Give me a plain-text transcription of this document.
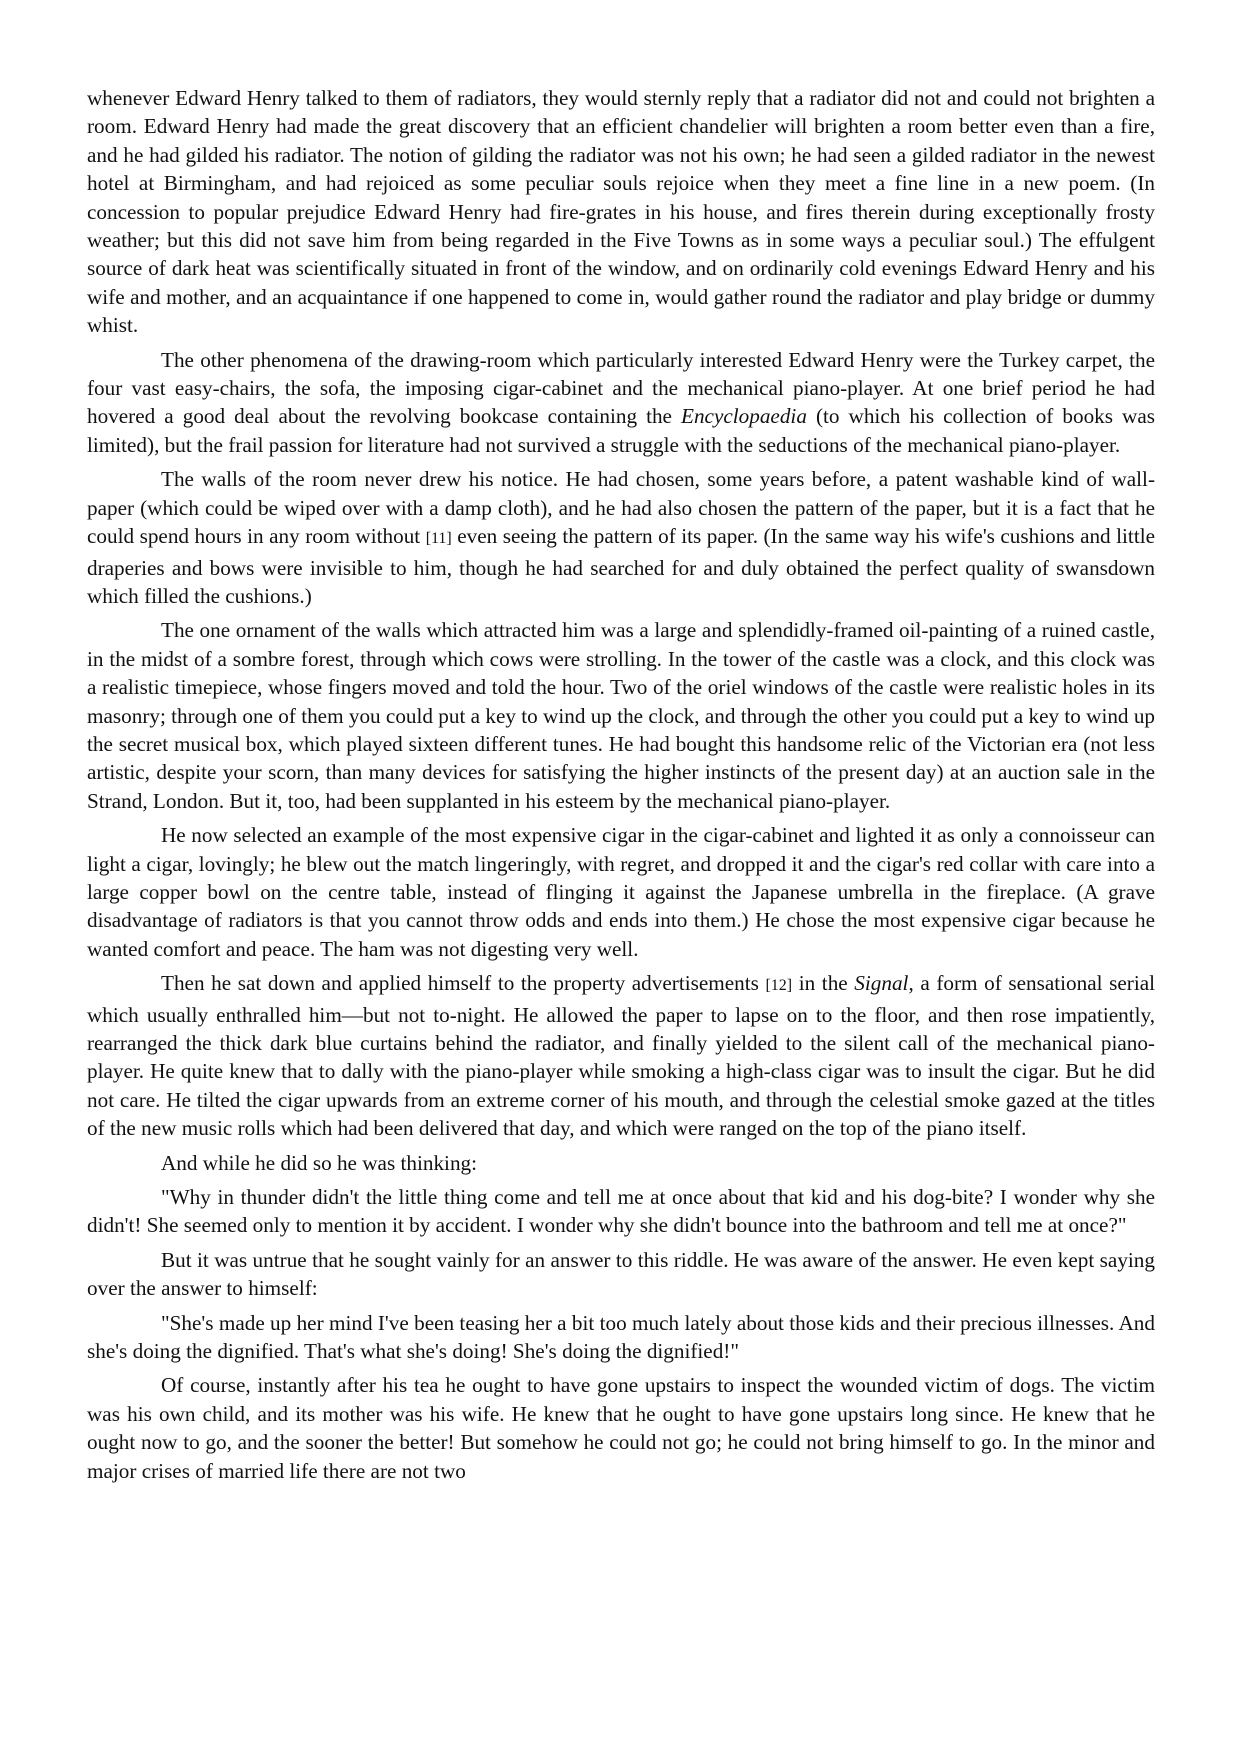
whenever Edward Henry talked to them of radiators, they would sternly reply that a radiator did not and could not brighten a room. Edward Henry had made the great discovery that an efficient chandelier will brighten a room better even than a fire, and he had gilded his radiator. The notion of gilding the radiator was not his own; he had seen a gilded radiator in the newest hotel at Birmingham, and had rejoiced as some peculiar souls rejoice when they meet a fine line in a new poem. (In concession to popular prejudice Edward Henry had fire-grates in his house, and fires therein during exceptionally frosty weather; but this did not save him from being regarded in the Five Towns as in some ways a peculiar soul.) The effulgent source of dark heat was scientifically situated in front of the window, and on ordinarily cold evenings Edward Henry and his wife and mother, and an acquaintance if one happened to come in, would gather round the radiator and play bridge or dummy whist.

The other phenomena of the drawing-room which particularly interested Edward Henry were the Turkey carpet, the four vast easy-chairs, the sofa, the imposing cigar-cabinet and the mechanical piano-player. At one brief period he had hovered a good deal about the revolving bookcase containing the Encyclopaedia (to which his collection of books was limited), but the frail passion for literature had not survived a struggle with the seductions of the mechanical piano-player.

The walls of the room never drew his notice. He had chosen, some years before, a patent washable kind of wall-paper (which could be wiped over with a damp cloth), and he had also chosen the pattern of the paper, but it is a fact that he could spend hours in any room without [11] even seeing the pattern of its paper. (In the same way his wife's cushions and little draperies and bows were invisible to him, though he had searched for and duly obtained the perfect quality of swansdown which filled the cushions.)

The one ornament of the walls which attracted him was a large and splendidly-framed oil-painting of a ruined castle, in the midst of a sombre forest, through which cows were strolling. In the tower of the castle was a clock, and this clock was a realistic timepiece, whose fingers moved and told the hour. Two of the oriel windows of the castle were realistic holes in its masonry; through one of them you could put a key to wind up the clock, and through the other you could put a key to wind up the secret musical box, which played sixteen different tunes. He had bought this handsome relic of the Victorian era (not less artistic, despite your scorn, than many devices for satisfying the higher instincts of the present day) at an auction sale in the Strand, London. But it, too, had been supplanted in his esteem by the mechanical piano-player.

He now selected an example of the most expensive cigar in the cigar-cabinet and lighted it as only a connoisseur can light a cigar, lovingly; he blew out the match lingeringly, with regret, and dropped it and the cigar's red collar with care into a large copper bowl on the centre table, instead of flinging it against the Japanese umbrella in the fireplace. (A grave disadvantage of radiators is that you cannot throw odds and ends into them.) He chose the most expensive cigar because he wanted comfort and peace. The ham was not digesting very well.

Then he sat down and applied himself to the property advertisements [12] in the Signal, a form of sensational serial which usually enthralled him—but not to-night. He allowed the paper to lapse on to the floor, and then rose impatiently, rearranged the thick dark blue curtains behind the radiator, and finally yielded to the silent call of the mechanical piano-player. He quite knew that to dally with the piano-player while smoking a high-class cigar was to insult the cigar. But he did not care. He tilted the cigar upwards from an extreme corner of his mouth, and through the celestial smoke gazed at the titles of the new music rolls which had been delivered that day, and which were ranged on the top of the piano itself.

And while he did so he was thinking:

"Why in thunder didn't the little thing come and tell me at once about that kid and his dog-bite? I wonder why she didn't! She seemed only to mention it by accident. I wonder why she didn't bounce into the bathroom and tell me at once?"

But it was untrue that he sought vainly for an answer to this riddle. He was aware of the answer. He even kept saying over the answer to himself:

"She's made up her mind I've been teasing her a bit too much lately about those kids and their precious illnesses. And she's doing the dignified. That's what she's doing! She's doing the dignified!"

Of course, instantly after his tea he ought to have gone upstairs to inspect the wounded victim of dogs. The victim was his own child, and its mother was his wife. He knew that he ought to have gone upstairs long since. He knew that he ought now to go, and the sooner the better! But somehow he could not go; he could not bring himself to go. In the minor and major crises of married life there are not two
